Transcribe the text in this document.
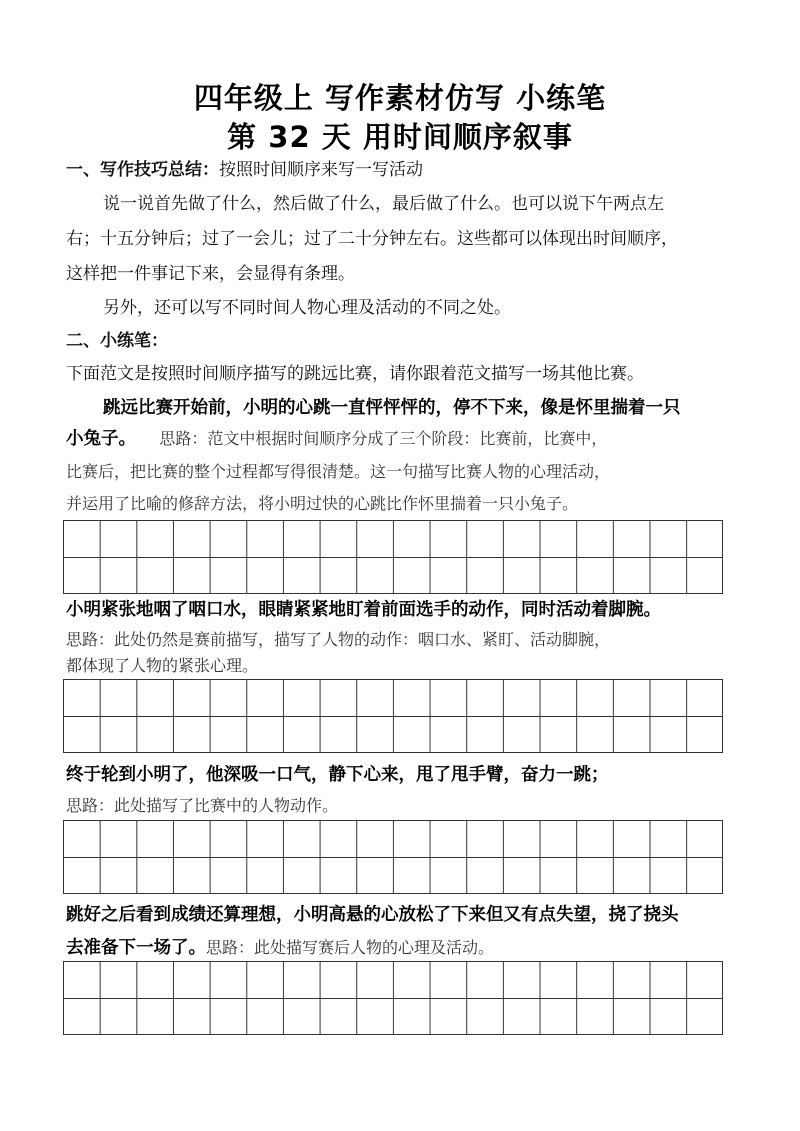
四年级上 写作素材仿写 小练笔
第 32 天 用时间顺序叙事
一、写作技巧总结：按照时间顺序来写一写活动
说一说首先做了什么，然后做了什么，最后做了什么。也可以说下午两点左
右；十五分钟后；过了一会儿；过了二十分钟左右。这些都可以体现出时间顺序，
这样把一件事记下来，会显得有条理。
另外，还可以写不同时间人物心理及活动的不同之处。
二、小练笔：
下面范文是按照时间顺序描写的跳远比赛，请你跟着范文描写一场其他比赛。
跳远比赛开始前，小明的心跳一直怦怦怦的，停不下来，像是怀里揣着一只
小兔子。 思路：范文中根据时间顺序分成了三个阶段：比赛前，比赛中，
比赛后，把比赛的整个过程都写得很清楚。这一句描写比赛人物的心理活动，
并运用了比喻的修辞方法，将小明过快的心跳比作怀里揣着一只小兔子。
小明紧张地咽了咽口水，眼睛紧紧地盯着前面选手的动作，同时活动着脚腕。
思路：此处仍然是赛前描写，描写了人物的动作：咽口水、紧盯、活动脚腕，
都体现了人物的紧张心理。
终于轮到小明了，他深吸一口气，静下心来，甩了甩手臂，奋力一跳；
思路：此处描写了比赛中的人物动作。
跳好之后看到成绩还算理想，小明高悬的心放松了下来但又有点失望，挠了挠头
去准备下一场了。思路：此处描写赛后人物的心理及活动。
